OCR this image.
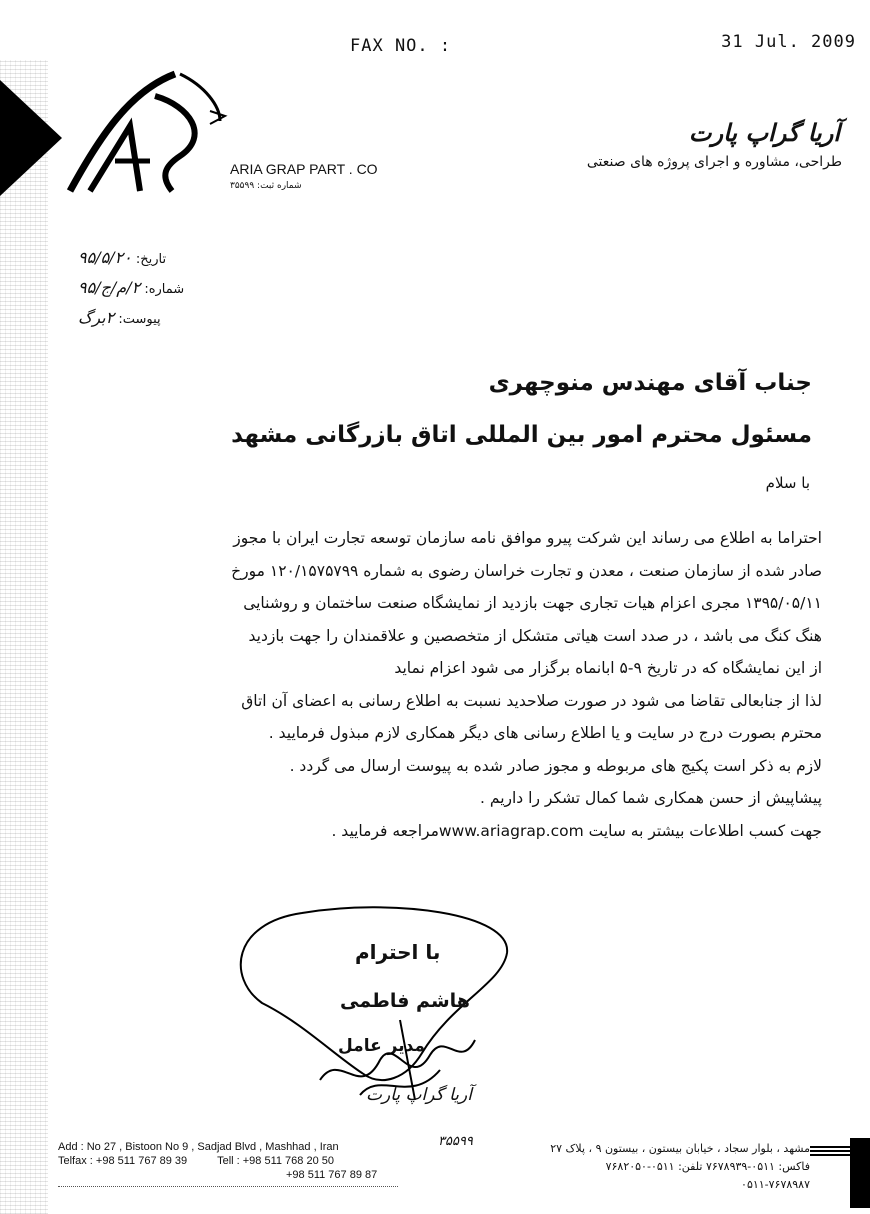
FAX NO. :	31 Jul. 2009
ARIA GRAP PART . CO
شماره ثبت: ۳۵۵۹۹
آریا گراپ پارت
طراحی، مشاوره و اجرای پروژه های صنعتی
تاریخ: ۹۵/۵/۲۰
شماره: ۲/م/ج/۹۵
پیوست: ۲برگ
جناب آقای مهندس منوچهری
مسئول محترم امور بین المللی اتاق بازرگانی مشهد
با سلام

احتراما به اطلاع می رساند این شرکت پیرو موافق نامه سازمان توسعه تجارت ایران با مجوز

صادر شده از سازمان صنعت ، معدن و تجارت خراسان رضوی به شماره ۱۲۰/۱۵۷۵۷۹۹ مورخ

۱۳۹۵/۰۵/۱۱ مجری اعزام هیات تجاری جهت بازدید از نمایشگاه صنعت ساختمان و روشنایی

هنگ کنگ می باشد ، در صدد است هیاتی متشکل از متخصصین و علاقمندان را جهت بازدید

از این نمایشگاه که در تاریخ ۹-۵ ابانماه برگزار می شود اعزام نماید

لذا از جنابعالی تقاضا می شود در صورت صلاحدید نسبت به اطلاع رسانی به اعضای آن اتاق

محترم بصورت درج در سایت و یا اطلاع رسانی های دیگر همکاری لازم مبذول فرمایید .

لازم به ذکر است پکیج های مربوطه و مجوز صادر شده به پیوست ارسال می گردد .

پیشاپیش از حسن همکاری شما کمال تشکر را داریم .

جهت کسب اطلاعات بیشتر به سایت www.ariagrap.comمراجعه فرمایید .

با احترام
هاشم فاطمی
مدیر عامل
آریا گراپ پارت
Add : No 27 , Bistoon No 9 , Sadjad Blvd , Mashhad , Iran
Telfax : +98 511 767 89 39	Tell : +98 511 768 20 50
+98 511 767 89 87
۳۵۵۹۹
مشهد ، بلوار سجاد ، خیابان بیستون ، بیستون ۹ ، پلاک ۲۷
فاکس: ۰۵۱۱-۷۶۷۸۹۳۹ تلفن: ۰۵۱۱-۷۶۸۲۰۵۰
۰۵۱۱-۷۶۷۸۹۸۷
